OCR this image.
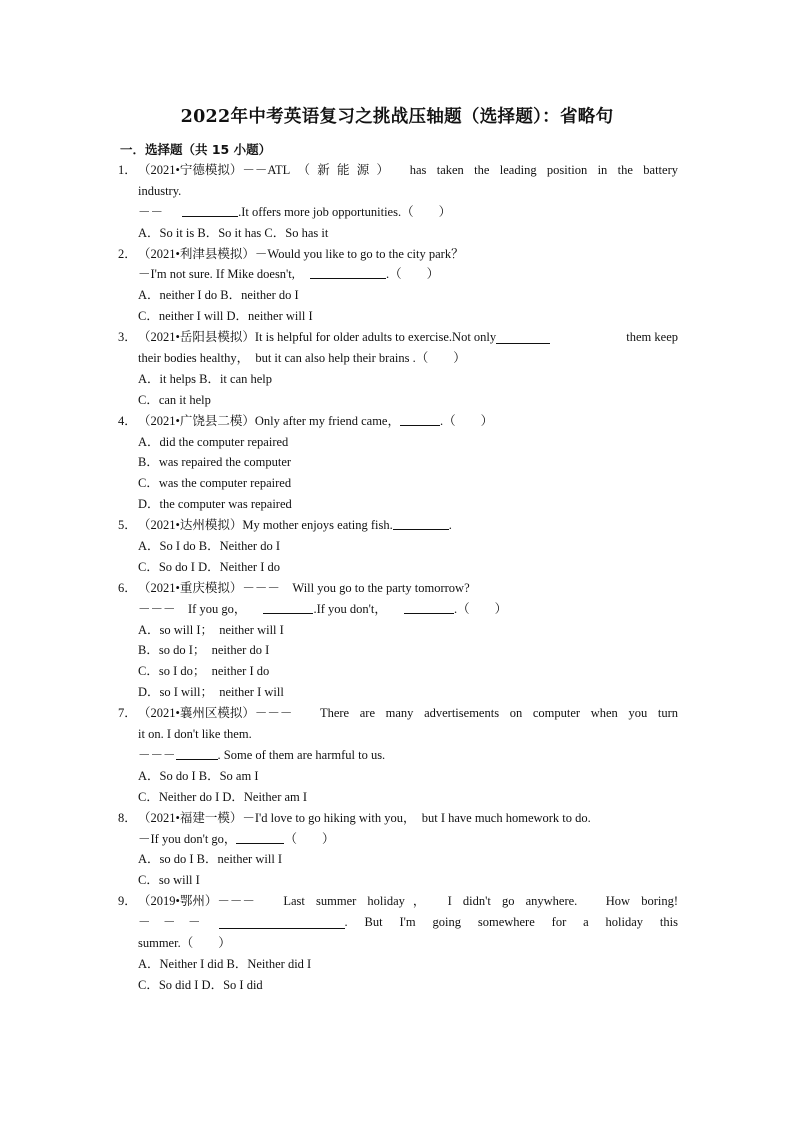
2022年中考英语复习之挑战压轴题（选择题）：省略句
一．选择题（共 15 小题）
1． （2021•宁德模拟） －－ATL（新能源）　has taken the leading position in the battery
industry.
－－	.It offers more job opportunities.（　　）
A．So it is B．So it has C．So has it
2．（2021•利津县模拟）－Would you like to go to the city park？
－I'm not sure. If Mike doesn't,	.（　　）
A．neither I do B．neither do I
C．neither I will D．neither will I
3． （2021•岳阳县模拟） It is helpful for older adults to exercise.Not only	them keep
their bodies healthy，　but it can also help their brains .（　　）
A．it helps B．it can help
C．can it help
4．（2021•广饶县二模）Only after my friend came，	.（　　）
A．did the computer repaired
B．was repaired the computer
C．was the computer repaired
D．the computer was repaired
5．（2021•达州模拟）My mother enjoys eating fish.	.
A．So I do B．Neither do I
C．So do I D．Neither I do
6．（2021•重庆模拟）－－－　Will you go to the party tomorrow?
－－－　If you go，	.If you don't，	.（　　）
A．so will I；　neither will I
B．so do I；　neither do I
C．so I do；　neither I do
D．so I will；　neither I will
7． （2021•襄州区模拟） －－－　There are many advertisements on computer when you turn
it on. I don't like them.
－－－	. Some of them are harmful to us.
A．So do I B．So am I
C．Neither do I D．Neither am I
8．（2021•福建一模）－I'd love to go hiking with you，　but I have much homework to do.
－If you don't go，	（　　）
A．so do I B．neither will I
C．so will I
9． （2019•鄂州） －－－　Last summer holiday，　I didn't go anywhere.　How boring!
－　－　－	.　But　I'm　going　somewhere　for　a　holiday　this
summer.（　　）
A．Neither I did B．Neither did I
C．So did I D．So I did
